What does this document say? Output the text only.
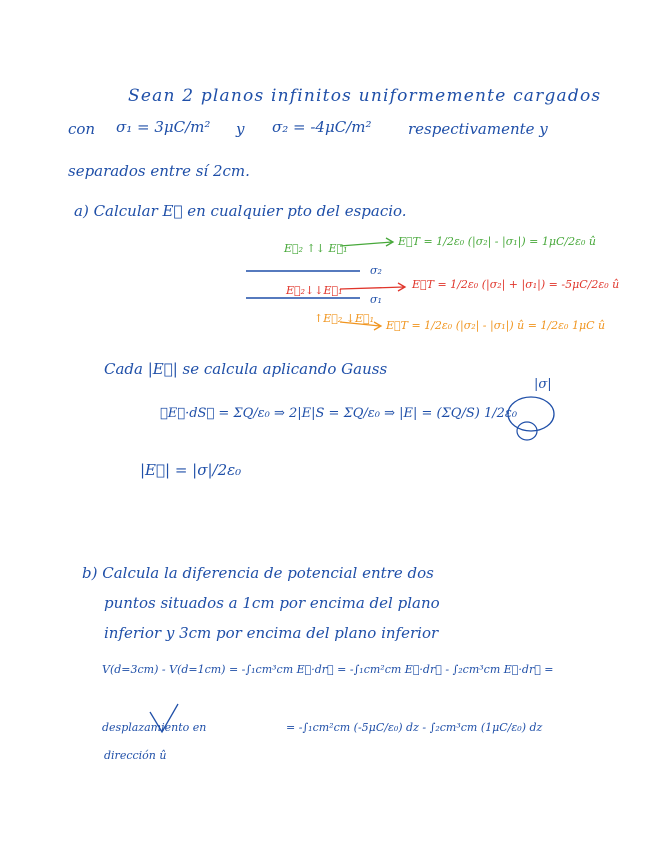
Sean 2 planos infinitos uniformemente cargados
con σ₁ = 3μC/m² y σ₂ = -4μC/m² respectivamente y
separados entre sí 2cm.
a) Calcular E⃗ en cualquier pto del espacio.
E⃗₂ ↑↓ E⃗₁
E⃗T = 1/2ε₀ (|σ₂| - |σ₁|) = 1μC/2ε₀ û
σ₂
E⃗₂↓↓E⃗₁	E⃗T = 1/2ε₀ (|σ₂| + |σ₁|) = -5μC/2ε₀ û
σ₁
↑E⃗₂ ↓E⃗₁
E⃗T = 1/2ε₀ (|σ₂| - |σ₁|) û = 1/2ε₀ 1μC û
Cada |E⃗| se calcula aplicando Gauss
|σ|
∮E⃗·dS⃗ = ΣQ/ε₀ ⇒ 2|E|S = ΣQ/ε₀ ⇒ |E| = (ΣQ/S) 1/2ε₀
|E⃗| = |σ|/2ε₀
b) Calcula la diferencia de potencial entre dos
puntos situados a 1cm por encima del plano
inferior y 3cm por encima del plano inferior
V(d=3cm) - V(d=1cm) = -∫₁cm³cm E⃗·dr⃗ = -∫₁cm²cm E⃗·dr⃗ - ∫₂cm³cm E⃗·dr⃗ =
desplazamiento en
dirección û
= -∫₁cm²cm (-5μC/ε₀) dz - ∫₂cm³cm (1μC/ε₀) dz
